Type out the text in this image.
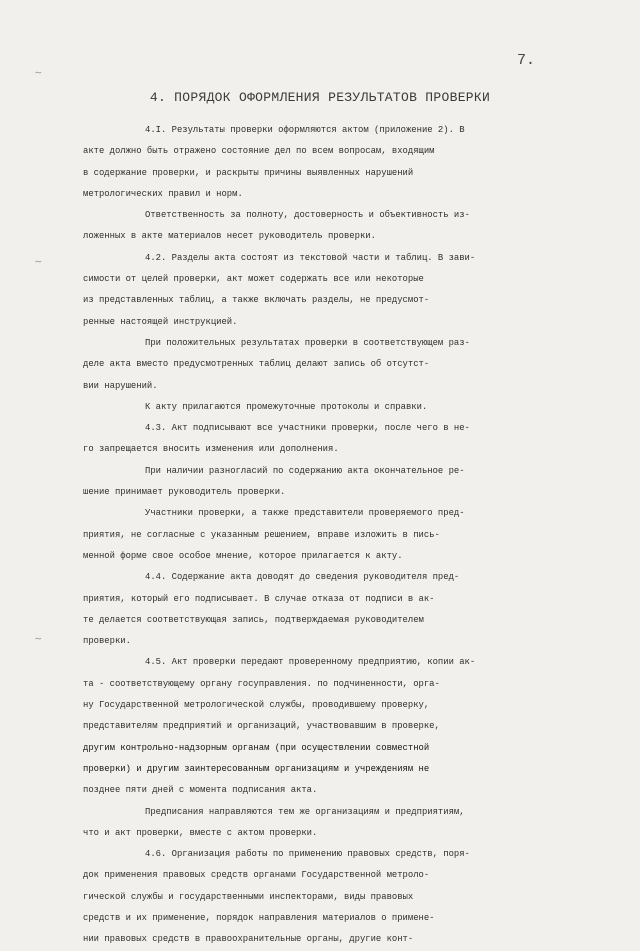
∼
∼
∼
7.
4. ПОРЯДОК ОФОРМЛЕНИЯ РЕЗУЛЬТАТОВ ПРОВЕРКИ
4.I. Результаты проверки оформляются актом (приложение 2). В
акте должно быть отражено состояние дел по всем вопросам, входящим
в содержание проверки, и раскрыты причины выявленных нарушений
метрологических правил и норм.
Ответственность за полноту, достоверность и объективность из-
ложенных в акте материалов несет руководитель проверки.
4.2. Разделы акта состоят из текстовой части и таблиц. В зави-
симости от целей проверки, акт может содержать все или некоторые
из представленных таблиц, а также включать разделы, не предусмот-
ренные настоящей инструкцией.
При положительных результатах проверки в соответствующем раз-
деле акта вместо предусмотренных таблиц делают запись об отсутст-
вии нарушений.
К акту прилагаются промежуточные протоколы и справки.
4.3. Акт подписывают все участники проверки, после чего в не-
го запрещается вносить изменения или дополнения.
При наличии разногласий по содержанию акта окончательное ре-
шение принимает руководитель проверки.
Участники проверки, а также представители проверяемого пред-
приятия, не согласные с указанным решением, вправе изложить в пись-
менной форме свое особое мнение, которое прилагается к акту.
4.4. Содержание акта доводят до сведения руководителя пред-
приятия, который его подписывает. В случае отказа от подписи в ак-
те делается соответствующая запись, подтверждаемая руководителем
проверки.
4.5. Акт проверки передают проверенному предприятию, копии ак-
та - соответствующему органу госуправления. по подчиненности, орга-
ну Государственной метрологической службы, проводившему проверку,
представителям предприятий и организаций, участвовавшим в проверке,
другим контрольно-надзорным органам (при осуществлении совместной
проверки) и другим заинтересованным организациям и учреждениям не
позднее пяти дней с момента подписания акта.
Предписания направляются тем же организациям и предприятиям,
что и акт проверки, вместе с актом проверки.
4.6. Организация работы по применению правовых средств, поря-
док применения правовых средств органами Государственной метроло-
гической службы и государственными инспекторами, виды правовых
средств и их применение, порядок направления материалов о примене-
нии правовых средств в правоохранительные органы, другие конт-
